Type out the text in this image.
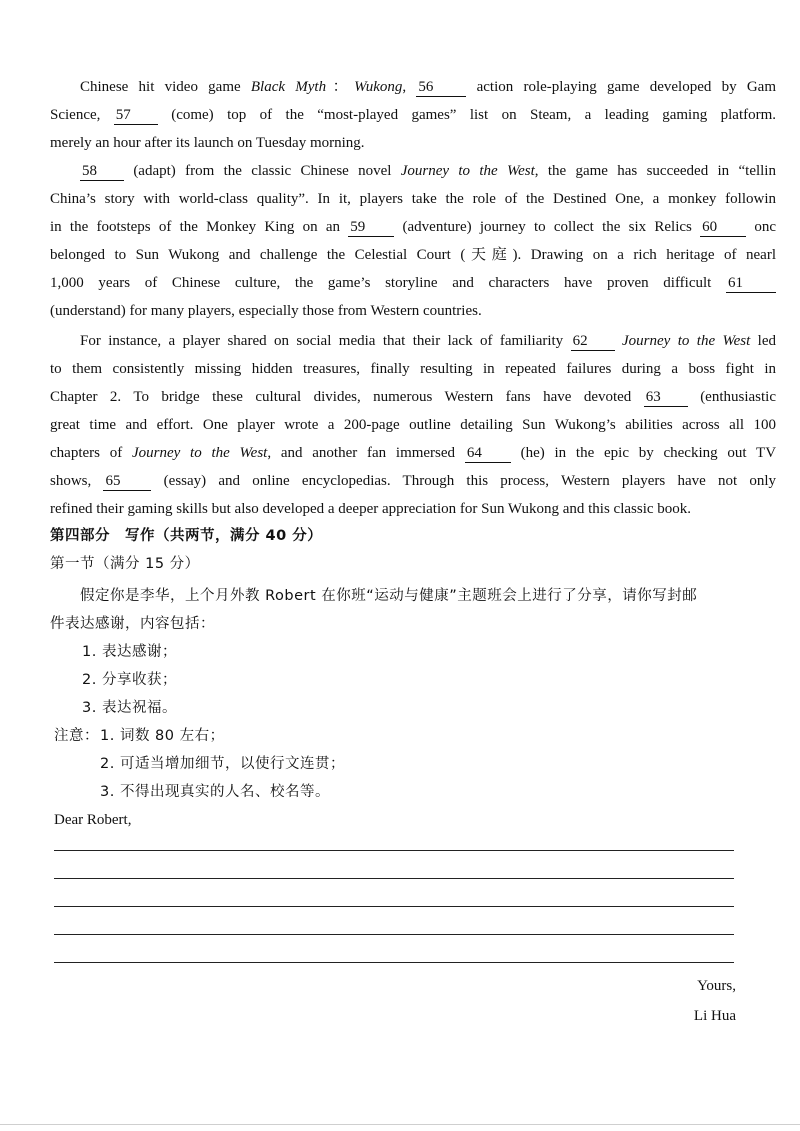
Chinese hit video game Black Myth：Wukong, 56	action role-playing game developed by Gam
Science, 57	(come) top of the “most-played games” list on Steam, a leading gaming platform.
merely an hour after its launch on Tuesday morning.
58 (adapt) from the classic Chinese novel Journey to the West, the game has succeeded in “tellin
China’s story with world-class quality”. In it, players take the role of the Destined One, a monkey followin
in the footsteps of the Monkey King on an 59 (adventure) journey to collect the six Relics 60 onc
belonged to Sun Wukong and challenge the Celestial Court (天庭). Drawing on a rich heritage of nearl
1,000 years of Chinese culture, the game’s storyline and characters have proven difficult 61
(understand) for many players, especially those from Western countries.
For instance, a player shared on social media that their lack of familiarity 62 Journey to the West led
to them consistently missing hidden treasures, finally resulting in repeated failures during a boss fight in
Chapter 2. To bridge these cultural divides, numerous Western fans have devoted 63	(enthusiastic
great time and effort. One player wrote a 200-page outline detailing Sun Wukong’s abilities across all 100
chapters of Journey to the West, and another fan immersed 64	(he) in the epic by checking out TV
shows, 65	(essay) and online encyclopedias. Through this process, Western players have not only
refined their gaming skills but also developed a deeper appreciation for Sun Wukong and this classic book.
第四部分　写作（共两节，满分 40 分）
第一节（满分 15 分）
假定你是李华，上个月外教 Robert 在你班“运动与健康”主题班会上进行了分享，请你写封邮
件表达感谢，内容包括：
1. 表达感谢；
2. 分享收获；
3. 表达祝福。
注意： 1. 词数 80 左右；
2. 可适当增加细节，以使行文连贯；
3. 不得出现真实的人名、校名等。
Dear Robert,
Yours,
Li Hua
